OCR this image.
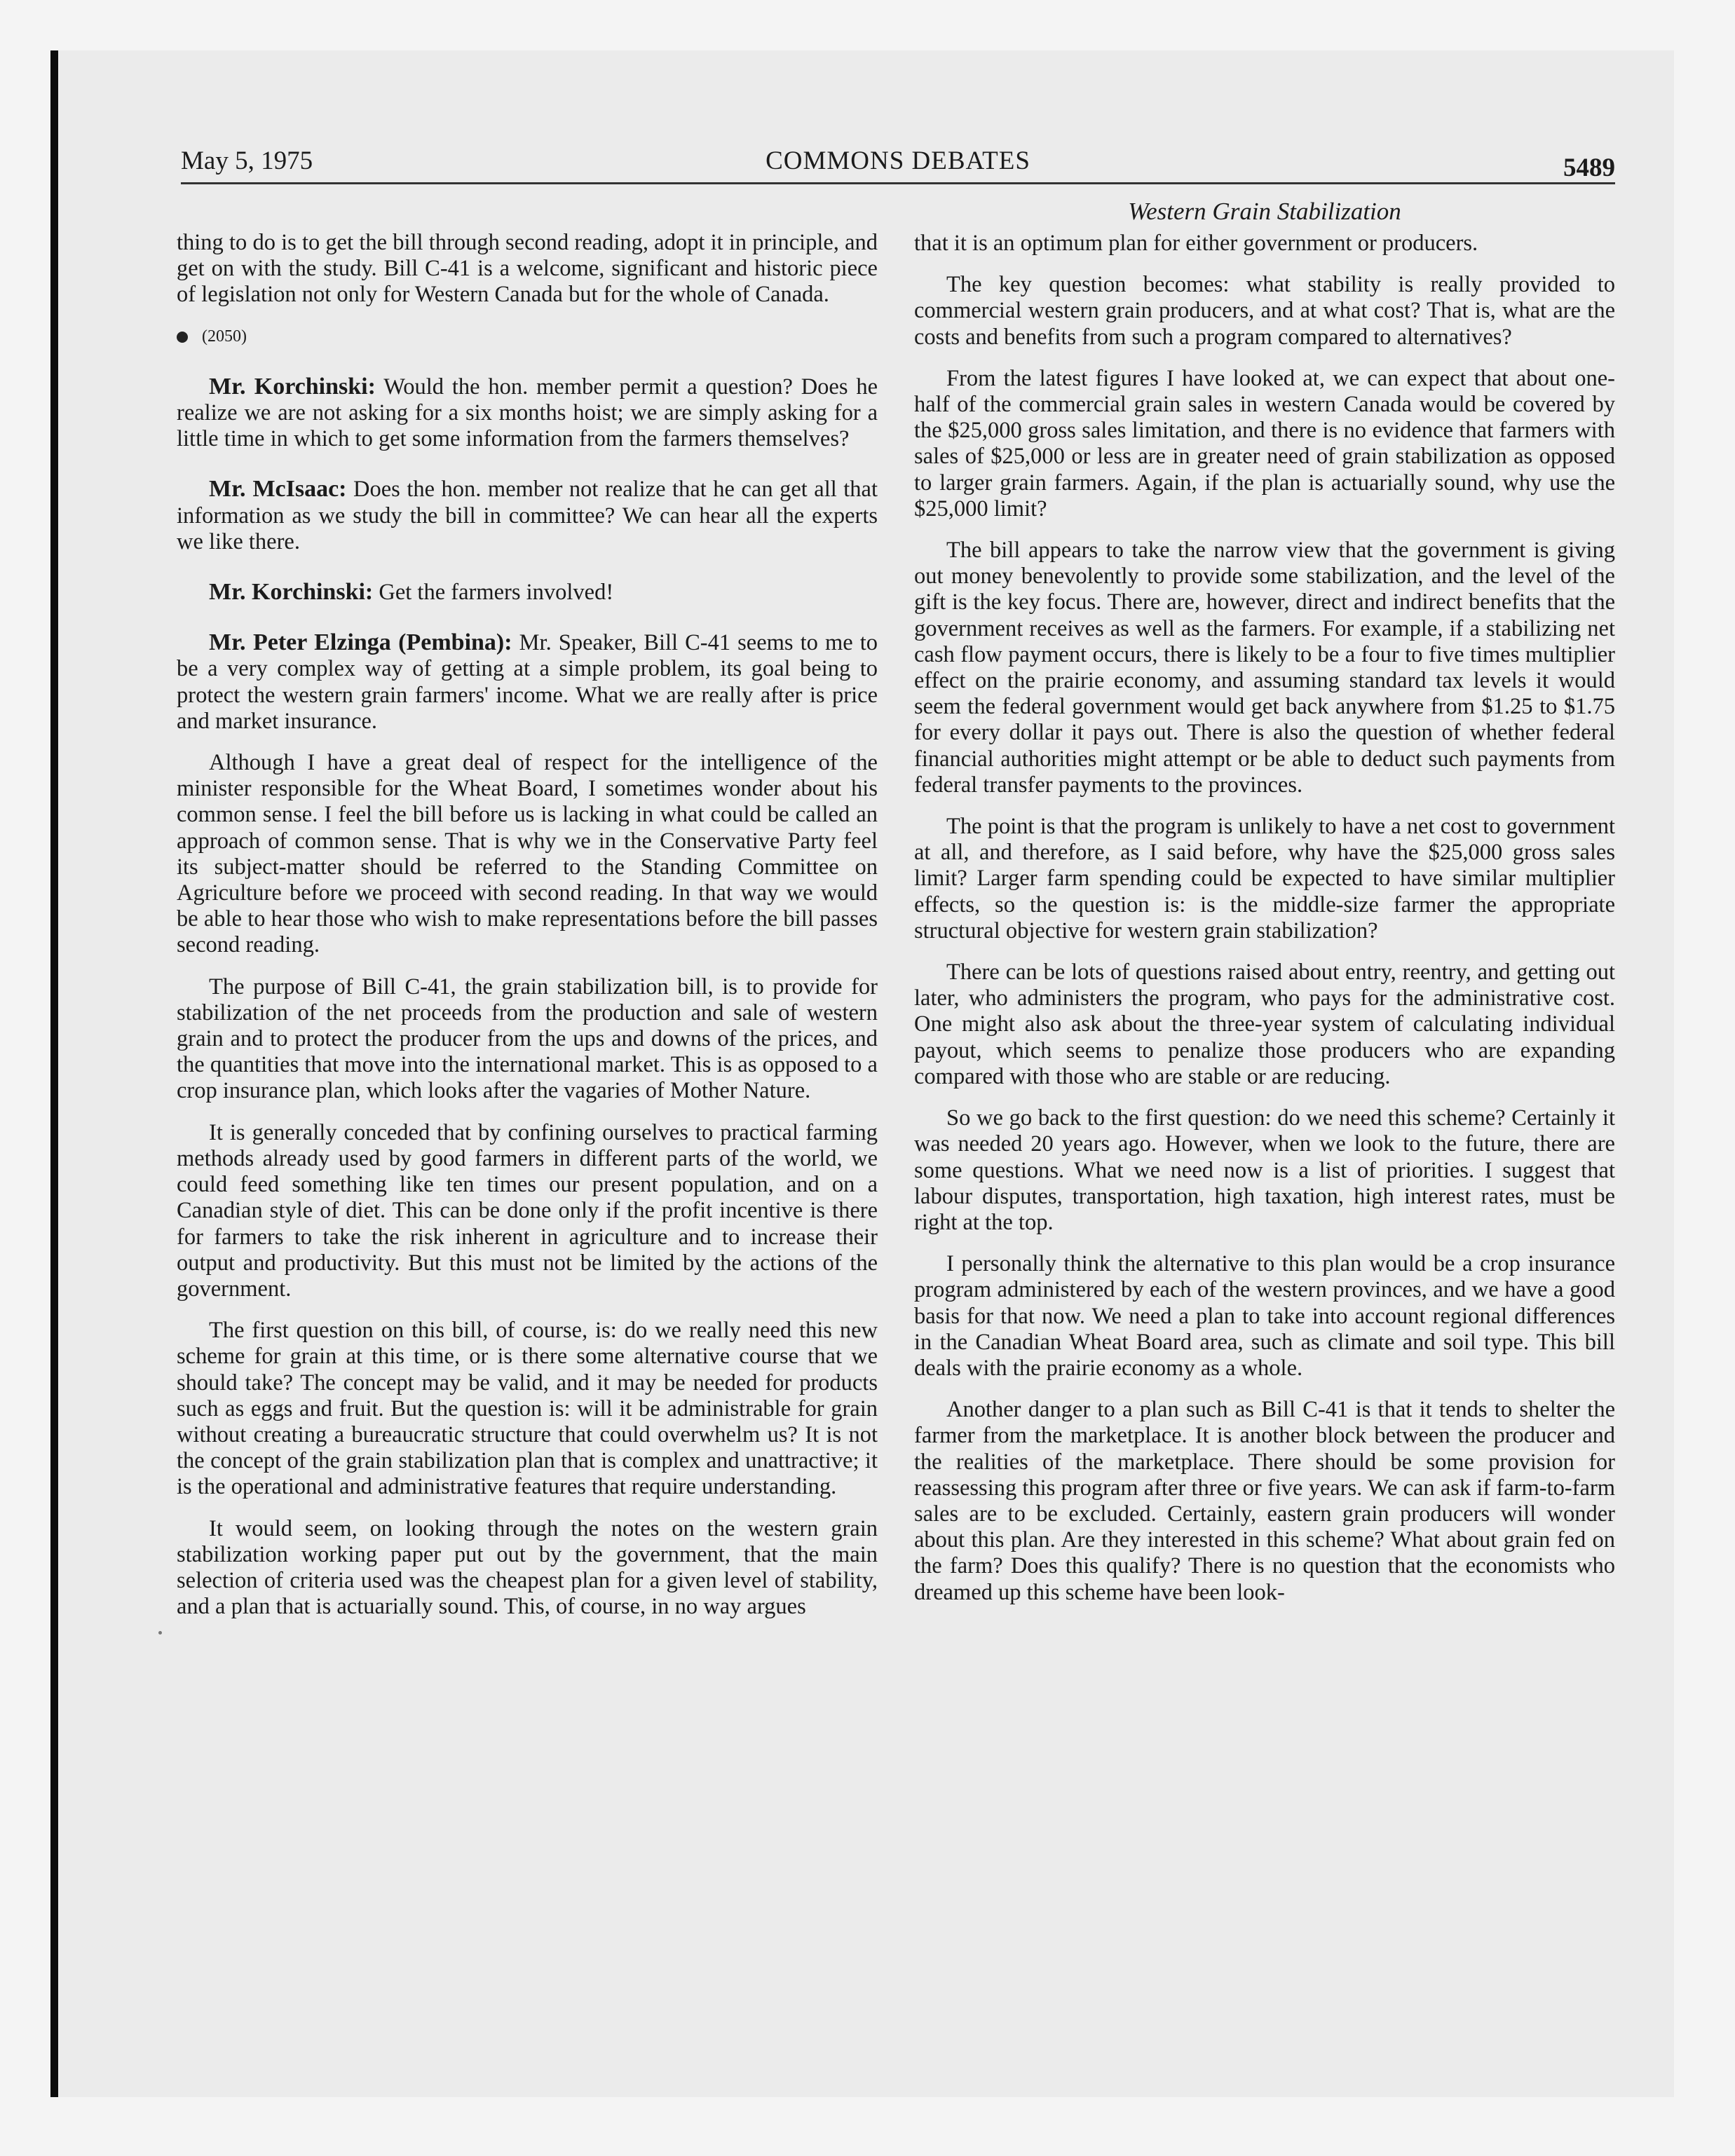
May 5, 1975	COMMONS DEBATES	5489

thing to do is to get the bill through second reading, adopt it in principle, and get on with the study. Bill C-41 is a welcome, significant and historic piece of legislation not only for Western Canada but for the whole of Canada.

(2050)

Mr. Korchinski: Would the hon. member permit a question? Does he realize we are not asking for a six months hoist; we are simply asking for a little time in which to get some information from the farmers themselves?

Mr. McIsaac: Does the hon. member not realize that he can get all that information as we study the bill in committee? We can hear all the experts we like there.

Mr. Korchinski: Get the farmers involved!

Mr. Peter Elzinga (Pembina): Mr. Speaker, Bill C-41 seems to me to be a very complex way of getting at a simple problem, its goal being to protect the western grain farmers' income. What we are really after is price and market insurance.

Although I have a great deal of respect for the intelligence of the minister responsible for the Wheat Board, I sometimes wonder about his common sense. I feel the bill before us is lacking in what could be called an approach of common sense. That is why we in the Conservative Party feel its subject-matter should be referred to the Standing Committee on Agriculture before we proceed with second reading. In that way we would be able to hear those who wish to make representations before the bill passes second reading.

The purpose of Bill C-41, the grain stabilization bill, is to provide for stabilization of the net proceeds from the production and sale of western grain and to protect the producer from the ups and downs of the prices, and the quantities that move into the international market. This is as opposed to a crop insurance plan, which looks after the vagaries of Mother Nature.

It is generally conceded that by confining ourselves to practical farming methods already used by good farmers in different parts of the world, we could feed something like ten times our present population, and on a Canadian style of diet. This can be done only if the profit incentive is there for farmers to take the risk inherent in agriculture and to increase their output and productivity. But this must not be limited by the actions of the government.

The first question on this bill, of course, is: do we really need this new scheme for grain at this time, or is there some alternative course that we should take? The concept may be valid, and it may be needed for products such as eggs and fruit. But the question is: will it be administrable for grain without creating a bureaucratic structure that could overwhelm us? It is not the concept of the grain stabilization plan that is complex and unattractive; it is the operational and administrative features that require understanding.

It would seem, on looking through the notes on the western grain stabilization working paper put out by the government, that the main selection of criteria used was the cheapest plan for a given level of stability, and a plan that is actuarially sound. This, of course, in no way argues

Western Grain Stabilization

that it is an optimum plan for either government or producers.

The key question becomes: what stability is really provided to commercial western grain producers, and at what cost? That is, what are the costs and benefits from such a program compared to alternatives?

From the latest figures I have looked at, we can expect that about one-half of the commercial grain sales in western Canada would be covered by the $25,000 gross sales limitation, and there is no evidence that farmers with sales of $25,000 or less are in greater need of grain stabilization as opposed to larger grain farmers. Again, if the plan is actuarially sound, why use the $25,000 limit?

The bill appears to take the narrow view that the government is giving out money benevolently to provide some stabilization, and the level of the gift is the key focus. There are, however, direct and indirect benefits that the government receives as well as the farmers. For example, if a stabilizing net cash flow payment occurs, there is likely to be a four to five times multiplier effect on the prairie economy, and assuming standard tax levels it would seem the federal government would get back anywhere from $1.25 to $1.75 for every dollar it pays out. There is also the question of whether federal financial authorities might attempt or be able to deduct such payments from federal transfer payments to the provinces.

The point is that the program is unlikely to have a net cost to government at all, and therefore, as I said before, why have the $25,000 gross sales limit? Larger farm spending could be expected to have similar multiplier effects, so the question is: is the middle-size farmer the appropriate structural objective for western grain stabilization?

There can be lots of questions raised about entry, reentry, and getting out later, who administers the program, who pays for the administrative cost. One might also ask about the three-year system of calculating individual payout, which seems to penalize those producers who are expanding compared with those who are stable or are reducing.

So we go back to the first question: do we need this scheme? Certainly it was needed 20 years ago. However, when we look to the future, there are some questions. What we need now is a list of priorities. I suggest that labour disputes, transportation, high taxation, high interest rates, must be right at the top.

I personally think the alternative to this plan would be a crop insurance program administered by each of the western provinces, and we have a good basis for that now. We need a plan to take into account regional differences in the Canadian Wheat Board area, such as climate and soil type. This bill deals with the prairie economy as a whole.

Another danger to a plan such as Bill C-41 is that it tends to shelter the farmer from the marketplace. It is another block between the producer and the realities of the marketplace. There should be some provision for reassessing this program after three or five years. We can ask if farm-to-farm sales are to be excluded. Certainly, eastern grain producers will wonder about this plan. Are they interested in this scheme? What about grain fed on the farm? Does this qualify? There is no question that the economists who dreamed up this scheme have been look-
